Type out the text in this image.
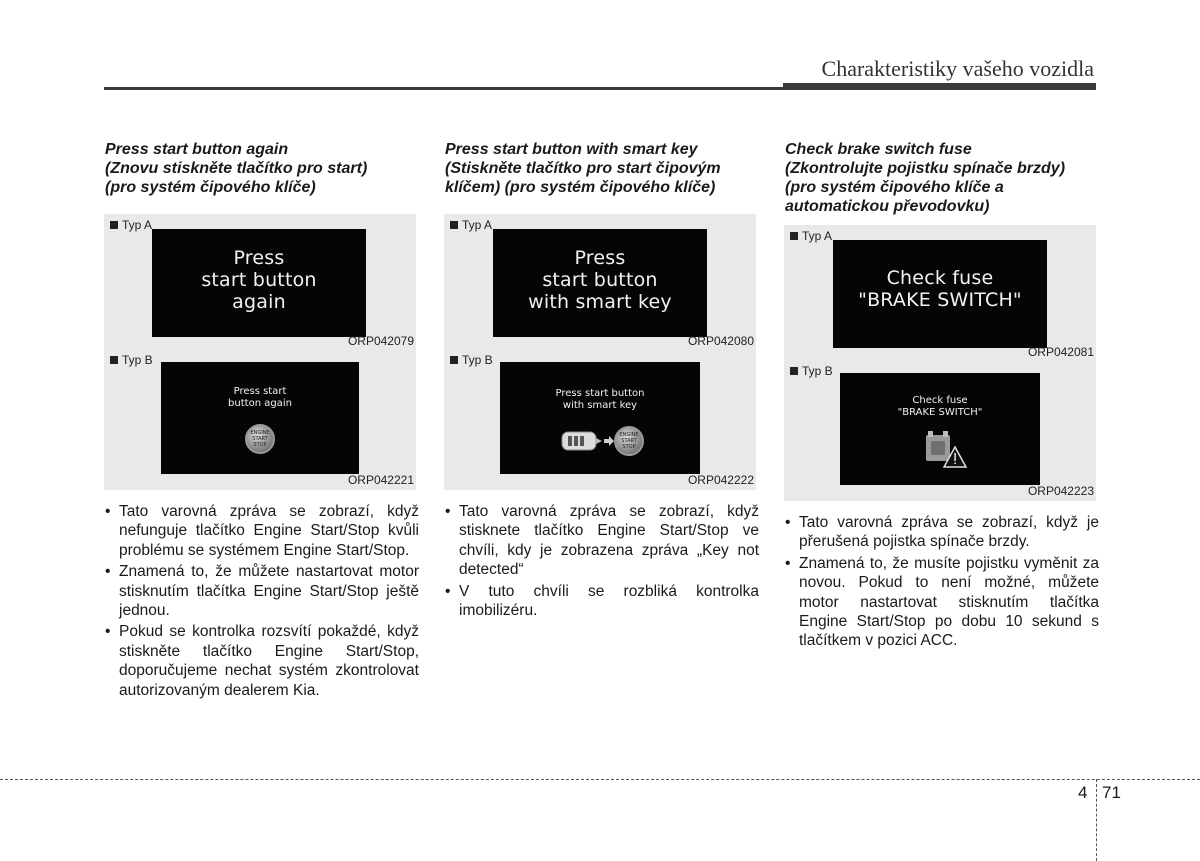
Charakteristiky vašeho vozidla
Press start button again
(Znovu stiskněte tlačítko pro start)
(pro systém čipového klíče)
Typ A
Press
start button
again
ORP042079
Typ B
Press start
button again
ENGINE
START
STOP
ORP042221
• Tato varovná zpráva se zobrazí, když nefunguje tlačítko Engine Start/Stop kvůli problému se systémem Engine Start/Stop.
• Znamená to, že můžete nastartovat motor stisknutím tlačítka Engine Start/Stop ještě jednou.
• Pokud se kontrolka rozsvítí pokaždé, když stiskněte tlačítko Engine Start/Stop, doporučujeme nechat systém zkontrolovat autorizovaným dealerem Kia.
Press start button with smart key
(Stiskněte tlačítko pro start čipovým
klíčem) (pro systém čipového klíče)
Typ A
Press
start button
with smart key
ORP042080
Typ B
Press start button
with smart key
ENGINE
START
STOP
ORP042222
• Tato varovná zpráva se zobrazí, když stisknete tlačítko Engine Start/Stop ve chvíli, kdy je zobrazena zpráva „Key not detected“
• V tuto chvíli se rozbliká kontrolka imobilizéru.
Check brake switch fuse
(Zkontrolujte pojistku spínače brzdy)
(pro systém čipového klíče a
automatickou převodovku)
Typ A
Check fuse
"BRAKE SWITCH"
ORP042081
Typ B
Check fuse
"BRAKE SWITCH"
ORP042223
• Tato varovná zpráva se zobrazí, když je přerušená pojistka spínače brzdy.
• Znamená to, že musíte pojistku vyměnit za novou. Pokud to není možné, můžete motor nastartovat stisknutím tlačítka Engine Start/Stop po dobu 10 sekund s tlačítkem v pozici ACC.
4 71
